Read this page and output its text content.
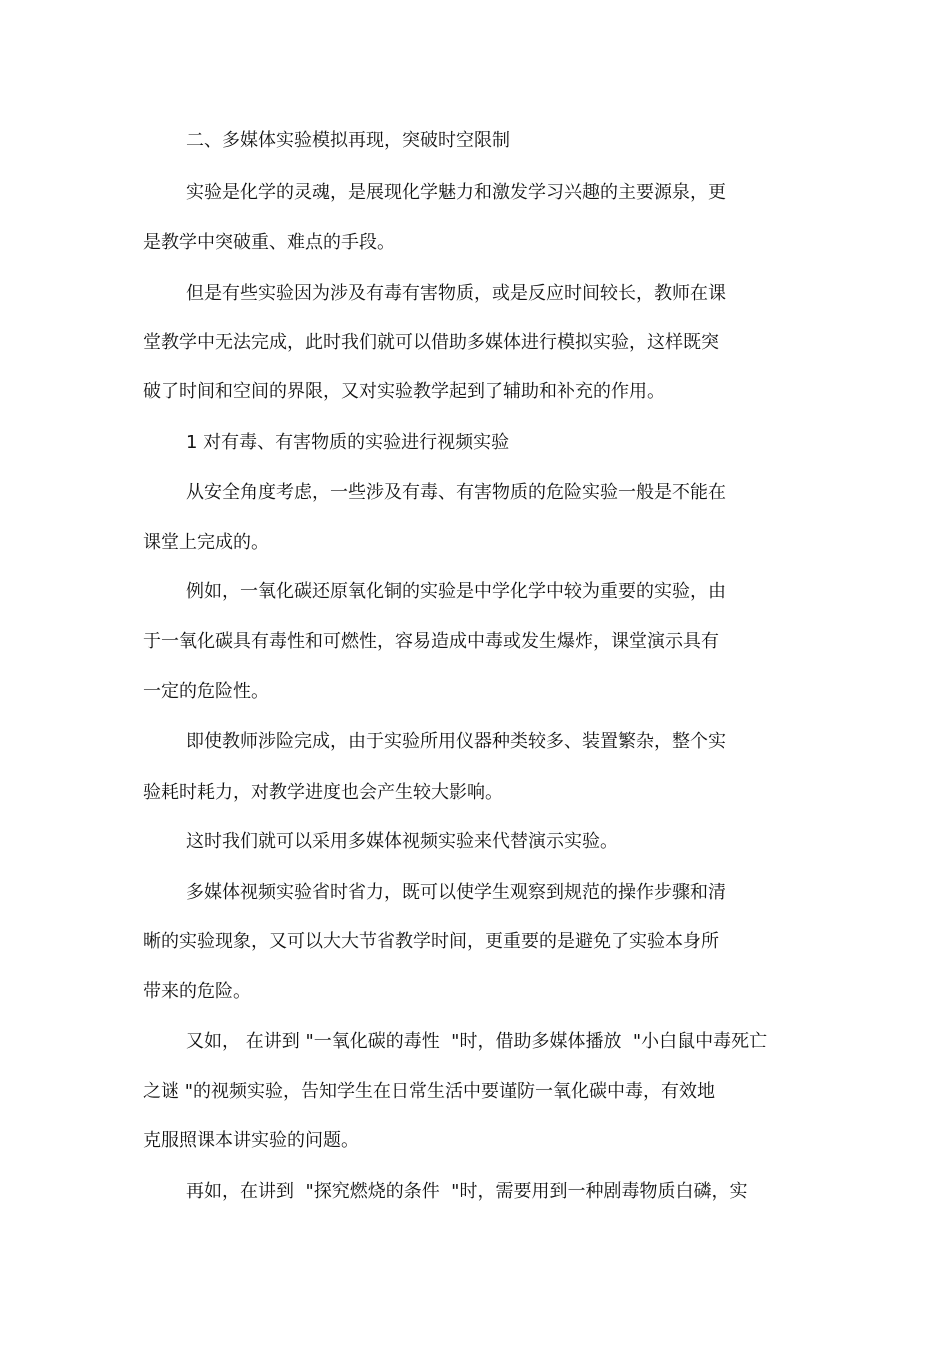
二、多媒体实验模拟再现，突破时空限制
实验是化学的灵魂，是展现化学魅力和激发学习兴趣的主要源泉，更
是教学中突破重、难点的手段。
但是有些实验因为涉及有毒有害物质，或是反应时间较长，教师在课
堂教学中无法完成，此时我们就可以借助多媒体进行模拟实验，这样既突
破了时间和空间的界限，又对实验教学起到了辅助和补充的作用。
1 对有毒、有害物质的实验进行视频实验
从安全角度考虑，一些涉及有毒、有害物质的危险实验一般是不能在
课堂上完成的。
例如，一氧化碳还原氧化铜的实验是中学化学中较为重要的实验，由
于一氧化碳具有毒性和可燃性，容易造成中毒或发生爆炸，课堂演示具有
一定的危险性。
即使教师涉险完成，由于实验所用仪器种类较多、装置繁杂，整个实
验耗时耗力，对教学进度也会产生较大影响。
这时我们就可以采用多媒体视频实验来代替演示实验。
多媒体视频实验省时省力，既可以使学生观察到规范的操作步骤和清
晰的实验现象，又可以大大节省教学时间，更重要的是避免了实验本身所
带来的危险。
又如， 在讲到 "一氧化碳的毒性  "时，借助多媒体播放  "小白鼠中毒死亡
之谜 "的视频实验，告知学生在日常生活中要谨防一氧化碳中毒，有效地
克服照课本讲实验的问题。
再如，在讲到  "探究燃烧的条件  "时，需要用到一种剧毒物质白磷，实
